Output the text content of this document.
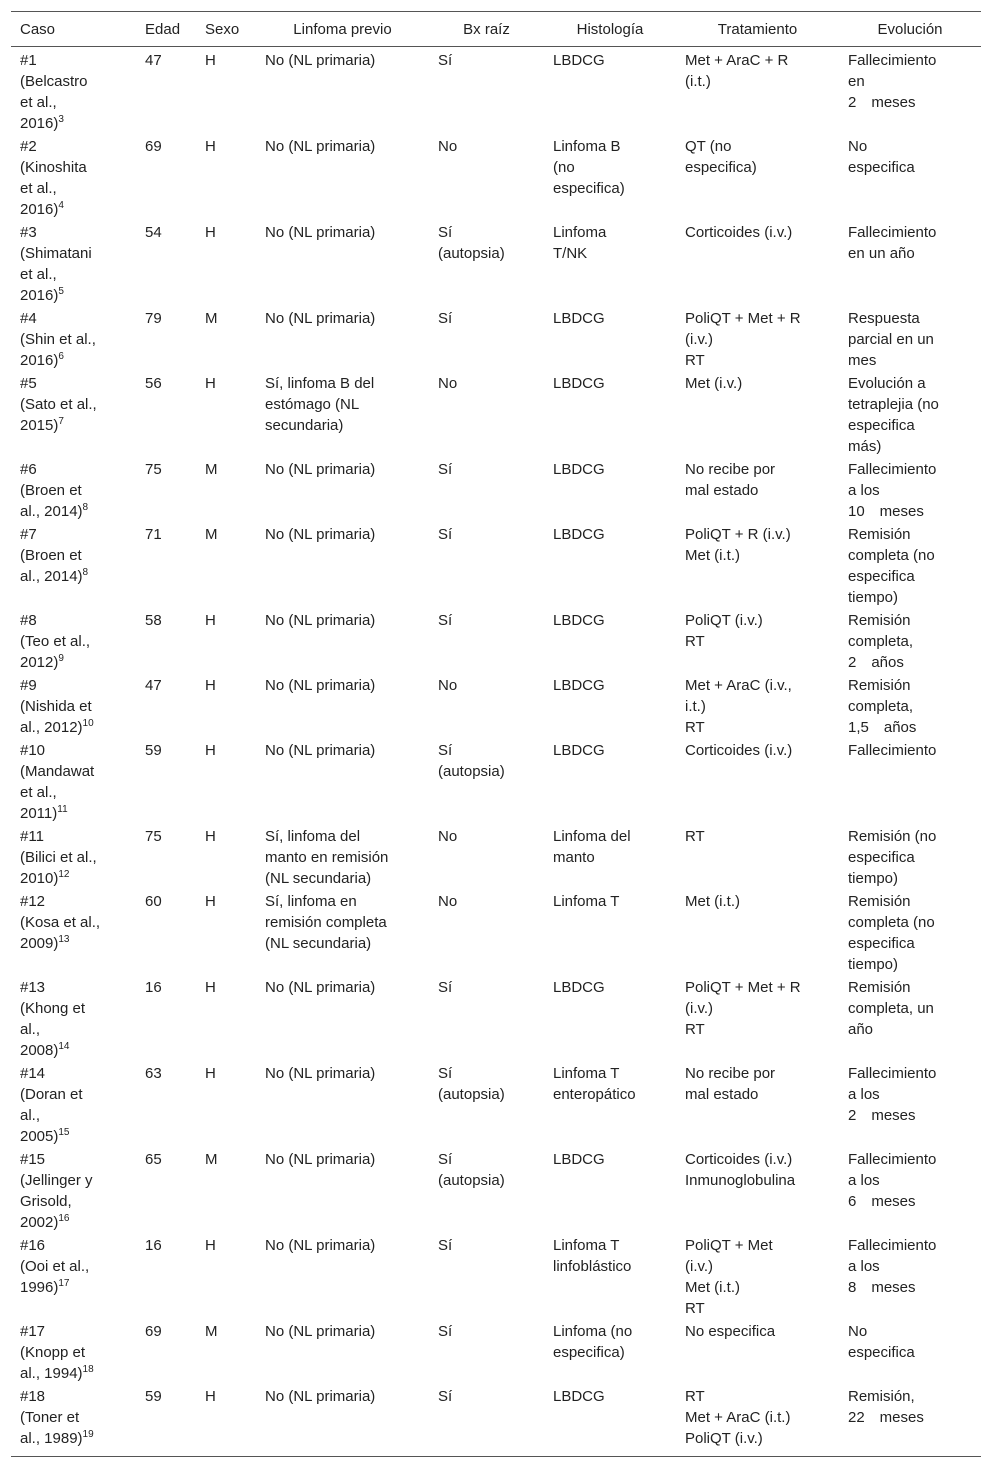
Caso	Edad	Sexo	Linfoma previo	Bx raíz	Histología	Tratamiento	Evolución

#1
(Belcastro
et al.,
2016)$^3$	47	H	No (NL primaria)	Sí	LBDCG	Met + AraC + R
(i.t.)	Fallecimiento
en
2 meses

#2
(Kinoshita
et al.,
2016)$^4$	69	H	No (NL primaria)	No	Linfoma B
(no
especifica)	QT (no
especifica)	No
especifica

#3
(Shimatani
et al.,
2016)$^5$	54	H	No (NL primaria)	Sí
(autopsia)	Linfoma
T/NK	Corticoides (i.v.)	Fallecimiento
en un año

#4
(Shin et al.,
2016)$^6$	79	M	No (NL primaria)	Sí	LBDCG	PoliQT + Met + R
(i.v.)
RT	Respuesta
parcial en un
mes

#5
(Sato et al.,
2015)$^7$	56	H	Sí, linfoma B del
estómago (NL
secundaria)	No	LBDCG	Met (i.v.)	Evolución a
tetraplejia (no
especifica
más)

#6
(Broen et
al., 2014)$^8$	75	M	No (NL primaria)	Sí	LBDCG	No recibe por
mal estado	Fallecimiento
a los
10 meses

#7
(Broen et
al., 2014)$^8$	71	M	No (NL primaria)	Sí	LBDCG	PoliQT + R (i.v.)
Met (i.t.)	Remisión
completa (no
especifica
tiempo)

#8
(Teo et al.,
2012)$^9$	58	H	No (NL primaria)	Sí	LBDCG	PoliQT (i.v.)
RT	Remisión
completa,
2 años

#9
(Nishida et
al., 2012)$^{10}$	47	H	No (NL primaria)	No	LBDCG	Met + AraC (i.v.,
i.t.)
RT	Remisión
completa,
1,5 años

#10
(Mandawat
et al.,
2011)$^{11}$	59	H	No (NL primaria)	Sí
(autopsia)	LBDCG	Corticoides (i.v.)	Fallecimiento

#11
(Bilici et al.,
2010)$^{12}$	75	H	Sí, linfoma del
manto en remisión
(NL secundaria)	No	Linfoma del
manto	RT	Remisión (no
especifica
tiempo)

#12
(Kosa et al.,
2009)$^{13}$	60	H	Sí, linfoma en
remisión completa
(NL secundaria)	No	Linfoma T	Met (i.t.)	Remisión
completa (no
especifica
tiempo)

#13
(Khong et
al.,
2008)$^{14}$	16	H	No (NL primaria)	Sí	LBDCG	PoliQT + Met + R
(i.v.)
RT	Remisión
completa, un
año

#14
(Doran et
al.,
2005)$^{15}$	63	H	No (NL primaria)	Sí
(autopsia)	Linfoma T
enteropático	No recibe por
mal estado	Fallecimiento
a los
2 meses

#15
(Jellinger y
Grisold,
2002)$^{16}$	65	M	No (NL primaria)	Sí
(autopsia)	LBDCG	Corticoides (i.v.)
Inmunoglobulina	Fallecimiento
a los
6 meses

#16
(Ooi et al.,
1996)$^{17}$	16	H	No (NL primaria)	Sí	Linfoma T
linfoblástico	PoliQT + Met
(i.v.)
Met (i.t.)
RT	Fallecimiento
a los
8 meses

#17
(Knopp et
al., 1994)$^{18}$	69	M	No (NL primaria)	Sí	Linfoma (no
especifica)	No especifica	No
especifica

#18
(Toner et
al., 1989)$^{19}$	59	H	No (NL primaria)	Sí	LBDCG	RT
Met + AraC (i.t.)
PoliQT (i.v.)	Remisión,
22 meses
